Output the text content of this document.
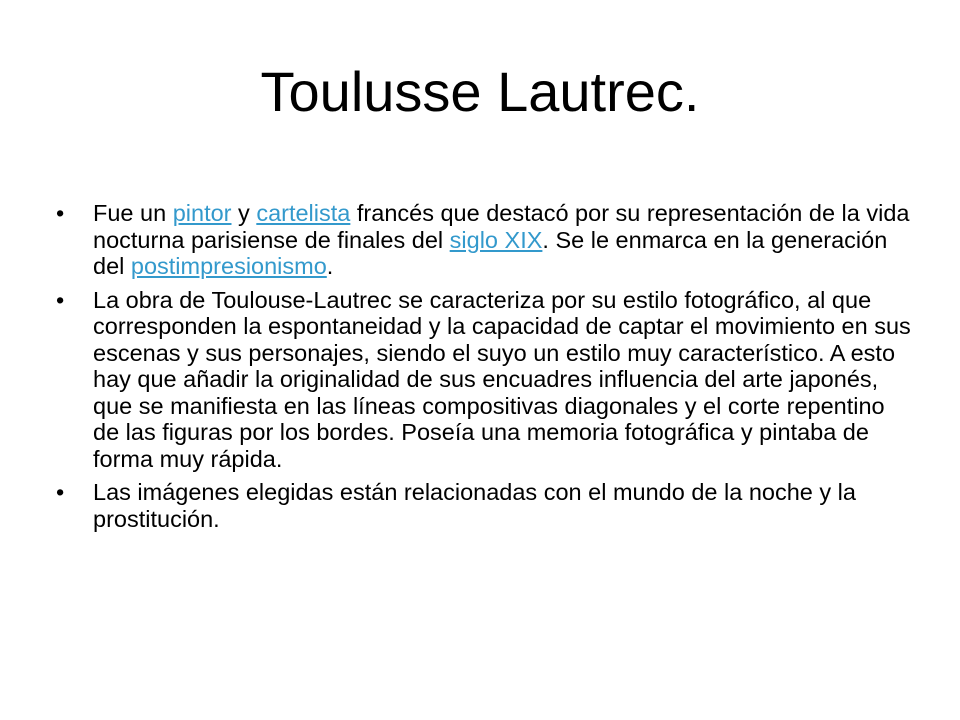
Toulusse Lautrec.
• Fue un pintor y cartelista francés que destacó por su representación de la vida nocturna parisiense de finales del siglo XIX. Se le enmarca en la generación del postimpresionismo.
• La obra de Toulouse-Lautrec se caracteriza por su estilo fotográfico, al que corresponden la espontaneidad y la capacidad de captar el movimiento en sus escenas y sus personajes, siendo el suyo un estilo muy característico. A esto hay que añadir la originalidad de sus encuadres influencia del arte japonés, que se manifiesta en las líneas compositivas diagonales y el corte repentino de las figuras por los bordes. Poseía una memoria fotográfica y pintaba de forma muy rápida.
• Las imágenes elegidas están relacionadas con el mundo de la noche y la prostitución.
